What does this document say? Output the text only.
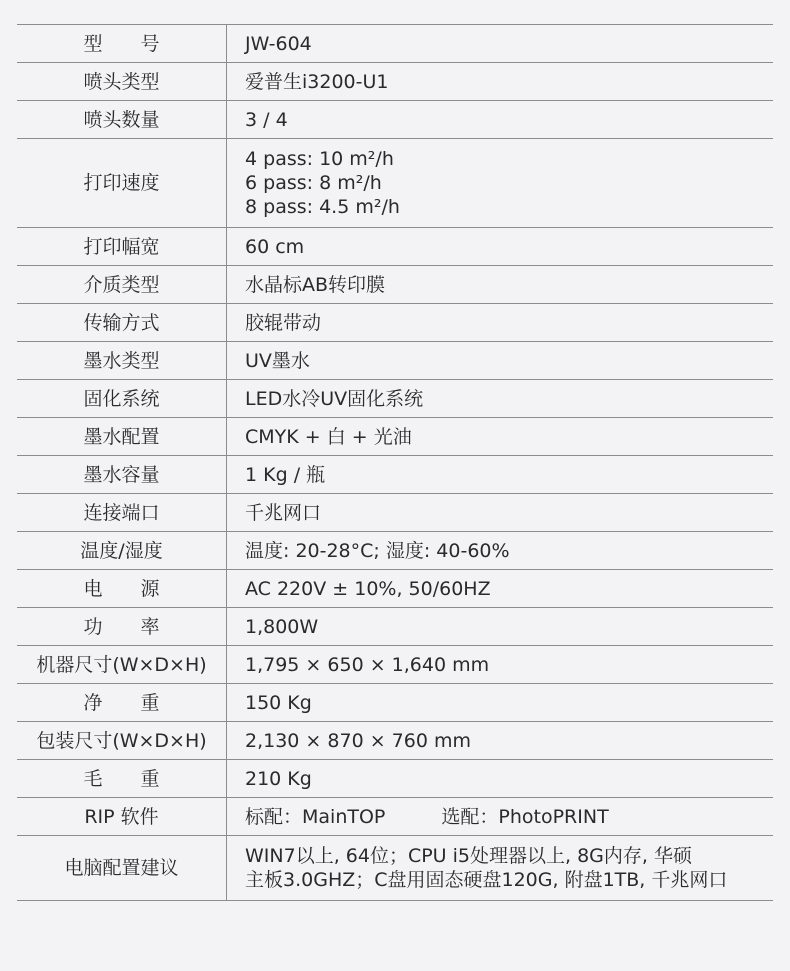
型　　号	JW-604

喷头类型	爱普生i3200-U1

喷头数量	3 / 4

打印速度	4 pass: 10 m²/h
6 pass: 8 m²/h
8 pass: 4.5 m²/h

打印幅宽	60 cm

介质类型	水晶标AB转印膜

传输方式	胶辊带动

墨水类型	UV墨水

固化系统	LED水冷UV固化系统

墨水配置	CMYK + 白 + 光油

墨水容量	1 Kg / 瓶

连接端口	千兆网口

温度/湿度	温度: 20-28°C; 湿度: 40-60%

电　　源	AC 220V ± 10%, 50/60HZ

功　　率	1,800W

机器尺寸(W×D×H)	1,795 × 650 × 1,640 mm

净　　重	150 Kg

包装尺寸(W×D×H)	2,130 × 870 × 760 mm

毛　　重	210 Kg

RIP 软件	标配：MainTOP 选配：PhotoPRINT
电脑配置建议	WIN7以上, 64位；CPU i5处理器以上, 8G内存, 华硕
主板3.0GHZ；C盘用固态硬盘120G, 附盘1TB, 千兆网口
